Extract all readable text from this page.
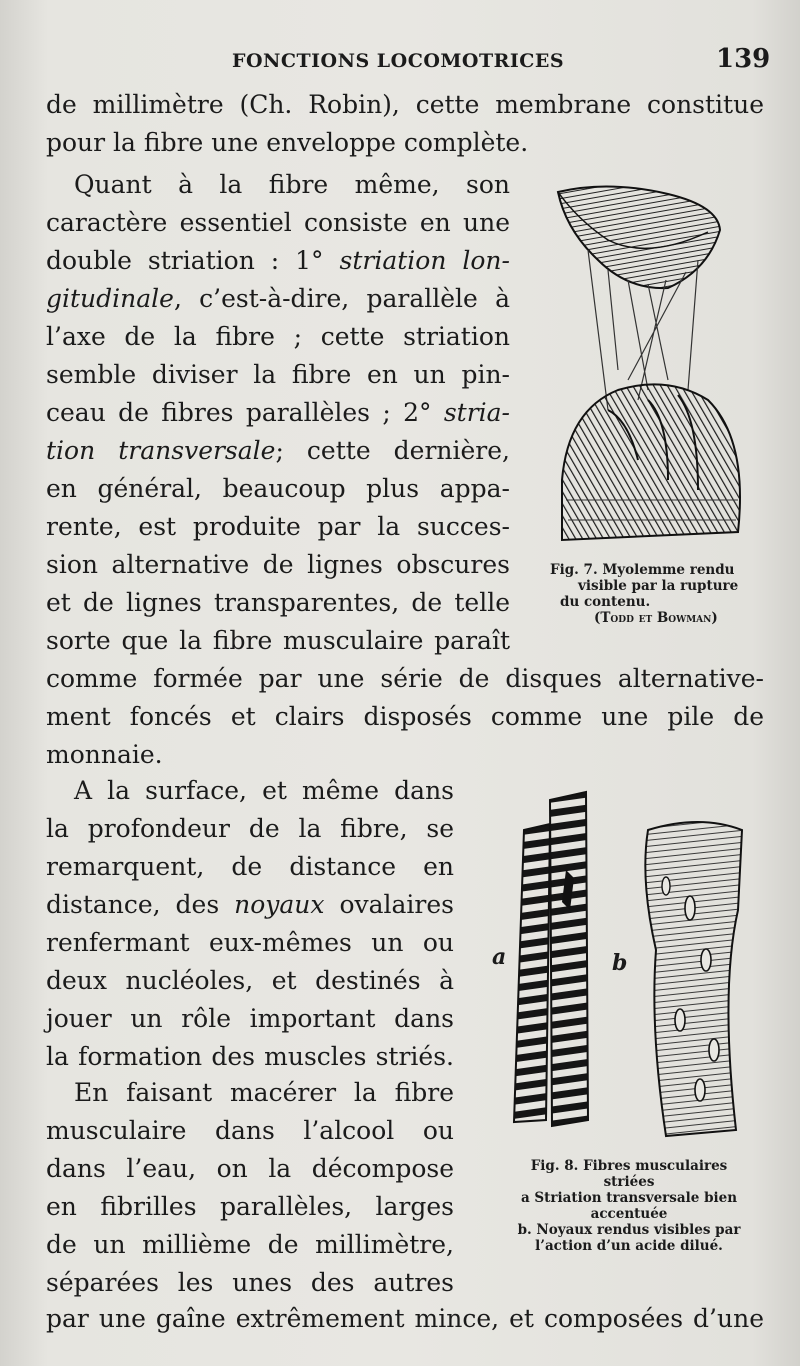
FONCTIONS LOCOMOTRICES	139
de millimètre (Ch. Robin), cette membrane constitue
pour la fibre une enveloppe complète.
Quant à la fibre même, son
caractère essentiel consiste en une
double striation : 1° striation lon-
gitudinale, c’est-à-dire, parallèle à
l’axe de la fibre ; cette striation
semble diviser la fibre en un pin-
ceau de fibres parallèles ; 2° stria-
tion transversale; cette dernière,
en général, beaucoup plus appa-
rente, est produite par la succes-
sion alternative de lignes obscures
et de lignes transparentes, de telle
sorte que la fibre musculaire paraît
comme formée par une série de disques alternative-
ment foncés et clairs disposés comme une pile de
monnaie.
A la surface, et même dans
la profondeur de la fibre, se
remarquent, de distance en
distance, des noyaux ovalaires
renfermant eux-mêmes un ou
deux nucléoles, et destinés à
jouer un rôle important dans
la formation des muscles striés.
En faisant macérer la fibre
musculaire dans l’alcool ou
dans l’eau, on la décompose
en fibrilles parallèles, larges
de un millième de millimètre,
séparées les unes des autres
par une gaîne extrêmement mince, et composées d’une
Fig. 7. Myolemme rendu
visible par la rupture
du contenu.
(Todd et Bowman)
a	b
Fig. 8. Fibres musculaires
striées
a Striation transversale bien
accentuée
b. Noyaux rendus visibles par
l’action d’un acide dilué.
